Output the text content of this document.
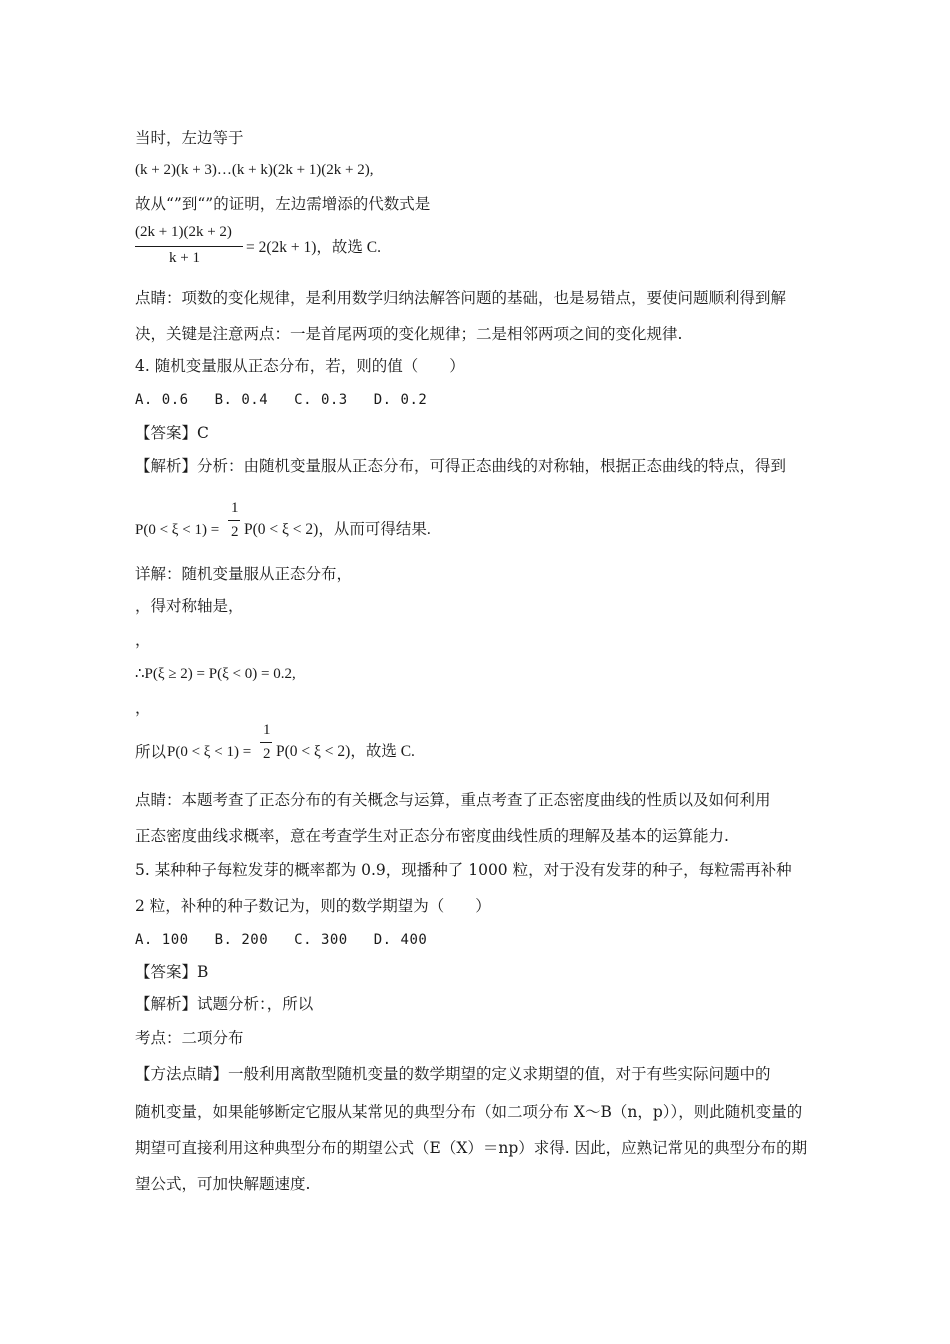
当时，左边等于
(k + 2)(k + 3)…(k + k)(2k + 1)(2k + 2),
故从“”到“”的证明，左边需增添的代数式是
(2k + 1)(2k + 2)
k + 1
= 2(2k + 1)，故选 C.
点睛：项数的变化规律，是利用数学归纳法解答问题的基础，也是易错点，要使问题顺利得到解
决，关键是注意两点：一是首尾两项的变化规律；二是相邻两项之间的变化规律.
4. 随机变量服从正态分布，若，则的值（　　）
A. 0.6 B. 0.4 C. 0.3 D. 0.2
【答案】C
【解析】分析：由随机变量服从正态分布，可得正态曲线的对称轴，根据正态曲线的特点，得到
P(0 < ξ < 1) =
1
2 P(0 < ξ < 2)，从而可得结果.
详解：随机变量服从正态分布，
，得对称轴是，
，
∴P(ξ ≥ 2) = P(ξ < 0) = 0.2,
，
所以 P(0 < ξ < 1) =
1
2 P(0 < ξ < 2)，故选 C.
点睛：本题考查了正态分布的有关概念与运算，重点考查了正态密度曲线的性质以及如何利用
正态密度曲线求概率，意在考查学生对正态分布密度曲线性质的理解及基本的运算能力.
5. 某种种子每粒发芽的概率都为 0.9，现播种了 1000 粒，对于没有发芽的种子，每粒需再补种
2 粒，补种的种子数记为，则的数学期望为（　　）
A. 100 B. 200 C. 300 D. 400
【答案】B
【解析】试题分析：，所以
考点：二项分布
【方法点睛】一般利用离散型随机变量的数学期望的定义求期望的值，对于有些实际问题中的
随机变量，如果能够断定它服从某常见的典型分布（如二项分布 X～B（n，p）），则此随机变量的
期望可直接利用这种典型分布的期望公式（E（X）＝np）求得. 因此，应熟记常见的典型分布的期
望公式，可加快解题速度.
